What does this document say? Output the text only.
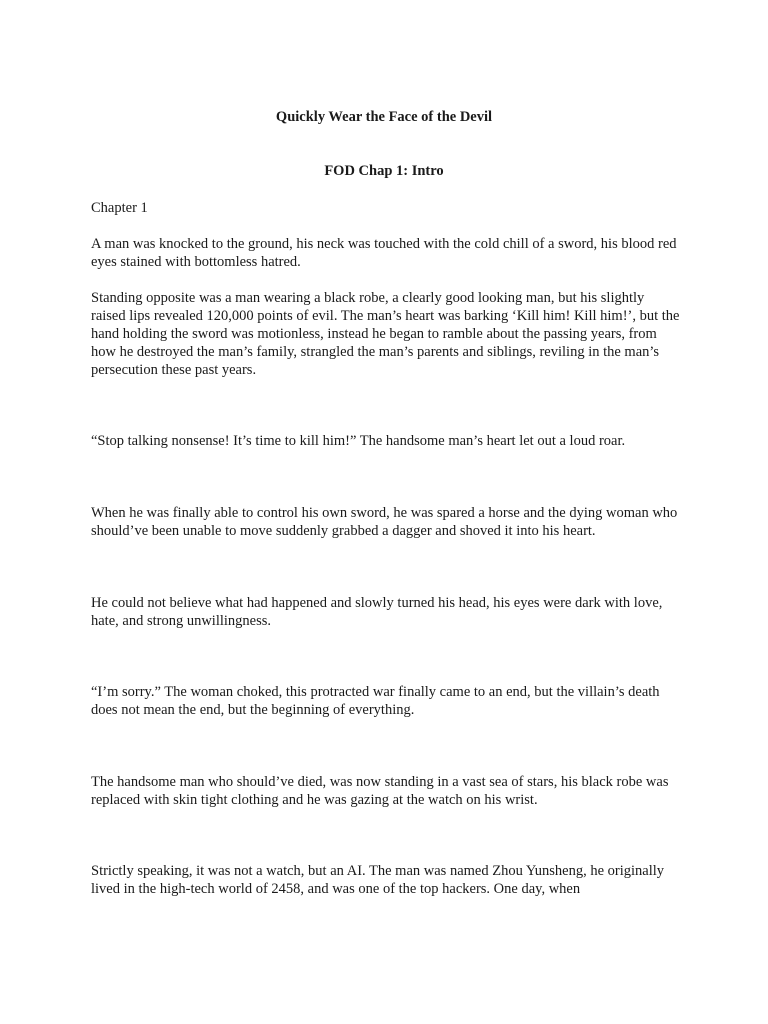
Quickly Wear the Face of the Devil
FOD Chap 1: Intro

Chapter 1

A man was knocked to the ground, his neck was touched with the cold chill of a sword, his blood red eyes stained with bottomless hatred.

Standing opposite was a man wearing a black robe, a clearly good looking man, but his slightly raised lips revealed 120,000 points of evil. The man’s heart was barking ‘Kill him! Kill him!’, but the hand holding the sword was motionless, instead he began to ramble about the passing years, from how he destroyed the man’s family, strangled the man’s parents and siblings, reviling in the man’s persecution these past years.

“Stop talking nonsense! It’s time to kill him!” The handsome man’s heart let out a loud roar.

When he was finally able to control his own sword, he was spared a horse and the dying woman who should’ve been unable to move suddenly grabbed a dagger and shoved it into his heart.

He could not believe what had happened and slowly turned his head, his eyes were dark with love, hate, and strong unwillingness.

“I’m sorry.” The woman choked, this protracted war finally came to an end, but the villain’s death does not mean the end, but the beginning of everything.

The handsome man who should’ve died, was now standing in a vast sea of stars, his black robe was replaced with skin tight clothing and he was gazing at the watch on his wrist.

Strictly speaking, it was not a watch, but an AI. The man was named Zhou Yunsheng, he originally lived in the high-tech world of 2458, and was one of the top hackers. One day, when
